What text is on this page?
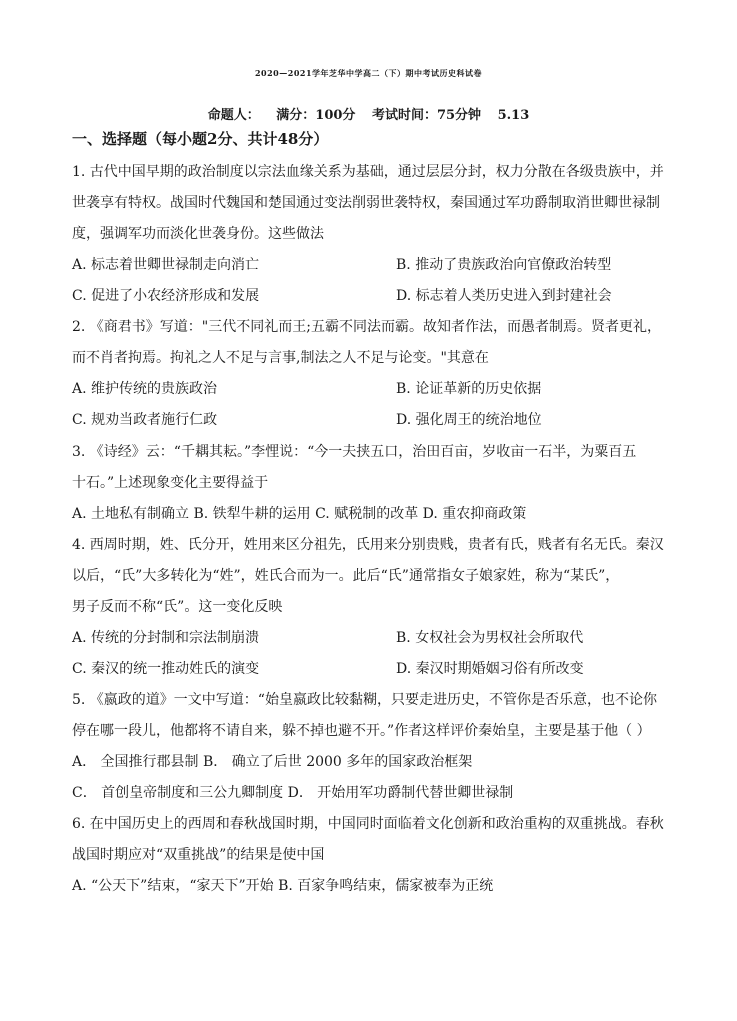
2020—2021学年芝华中学高二（下）期中考试历史科试卷
命题人： 满分：100分 考试时间：75分钟 5.13
一、选择题（每小题2分、共计48分）
1. 古代中国早期的政治制度以宗法血缘关系为基础，通过层层分封，权力分散在各级贵族中，并
世袭享有特权。战国时代魏国和楚国通过变法削弱世袭特权，秦国通过军功爵制取消世卿世禄制
度，强调军功而淡化世袭身份。这些做法
A. 标志着世卿世禄制走向消亡	B. 推动了贵族政治向官僚政治转型
C. 促进了小农经济形成和发展	D. 标志着人类历史进入到封建社会
2. 《商君书》写道："三代不同礼而王;五霸不同法而霸。故知者作法，而愚者制焉。贤者更礼，
而不肖者拘焉。拘礼之人不足与言事,制法之人不足与论变。"其意在
A. 维护传统的贵族政治	B. 论证革新的历史依据
C. 规劝当政者施行仁政	D. 强化周王的统治地位
3. 《诗经》云：“千耦其耘。”李悝说：“今一夫挟五口，治田百亩，岁收亩一石半，为粟百五
十石。”上述现象变化主要得益于
A. 土地私有制确立 B. 铁犁牛耕的运用 C. 赋税制的改革 D. 重农抑商政策
4. 西周时期，姓、氏分开，姓用来区分祖先，氏用来分别贵贱，贵者有氏，贱者有名无氏。秦汉
以后，“氏”大多转化为“姓”，姓氏合而为一。此后“氏”通常指女子娘家姓，称为“某氏”，
男子反而不称“氏”。这一变化反映
A. 传统的分封制和宗法制崩溃	B. 女权社会为男权社会所取代
C. 秦汉的统一推动姓氏的演变	D. 秦汉时期婚姻习俗有所改变
5. 《嬴政的道》一文中写道：“始皇嬴政比较黏糊，只要走进历史，不管你是否乐意，也不论你
停在哪一段儿，他都将不请自来，躲不掉也避不开。”作者这样评价秦始皇，主要是基于他（ ）
A． 全国推行郡县制 B． 确立了后世 2000 多年的国家政治框架
C． 首创皇帝制度和三公九卿制度 D． 开始用军功爵制代替世卿世禄制
6. 在中国历史上的西周和春秋战国时期，中国同时面临着文化创新和政治重构的双重挑战。春秋
战国时期应对“双重挑战”的结果是使中国
A. “公天下”结束，“家天下”开始 B. 百家争鸣结束，儒家被奉为正统
